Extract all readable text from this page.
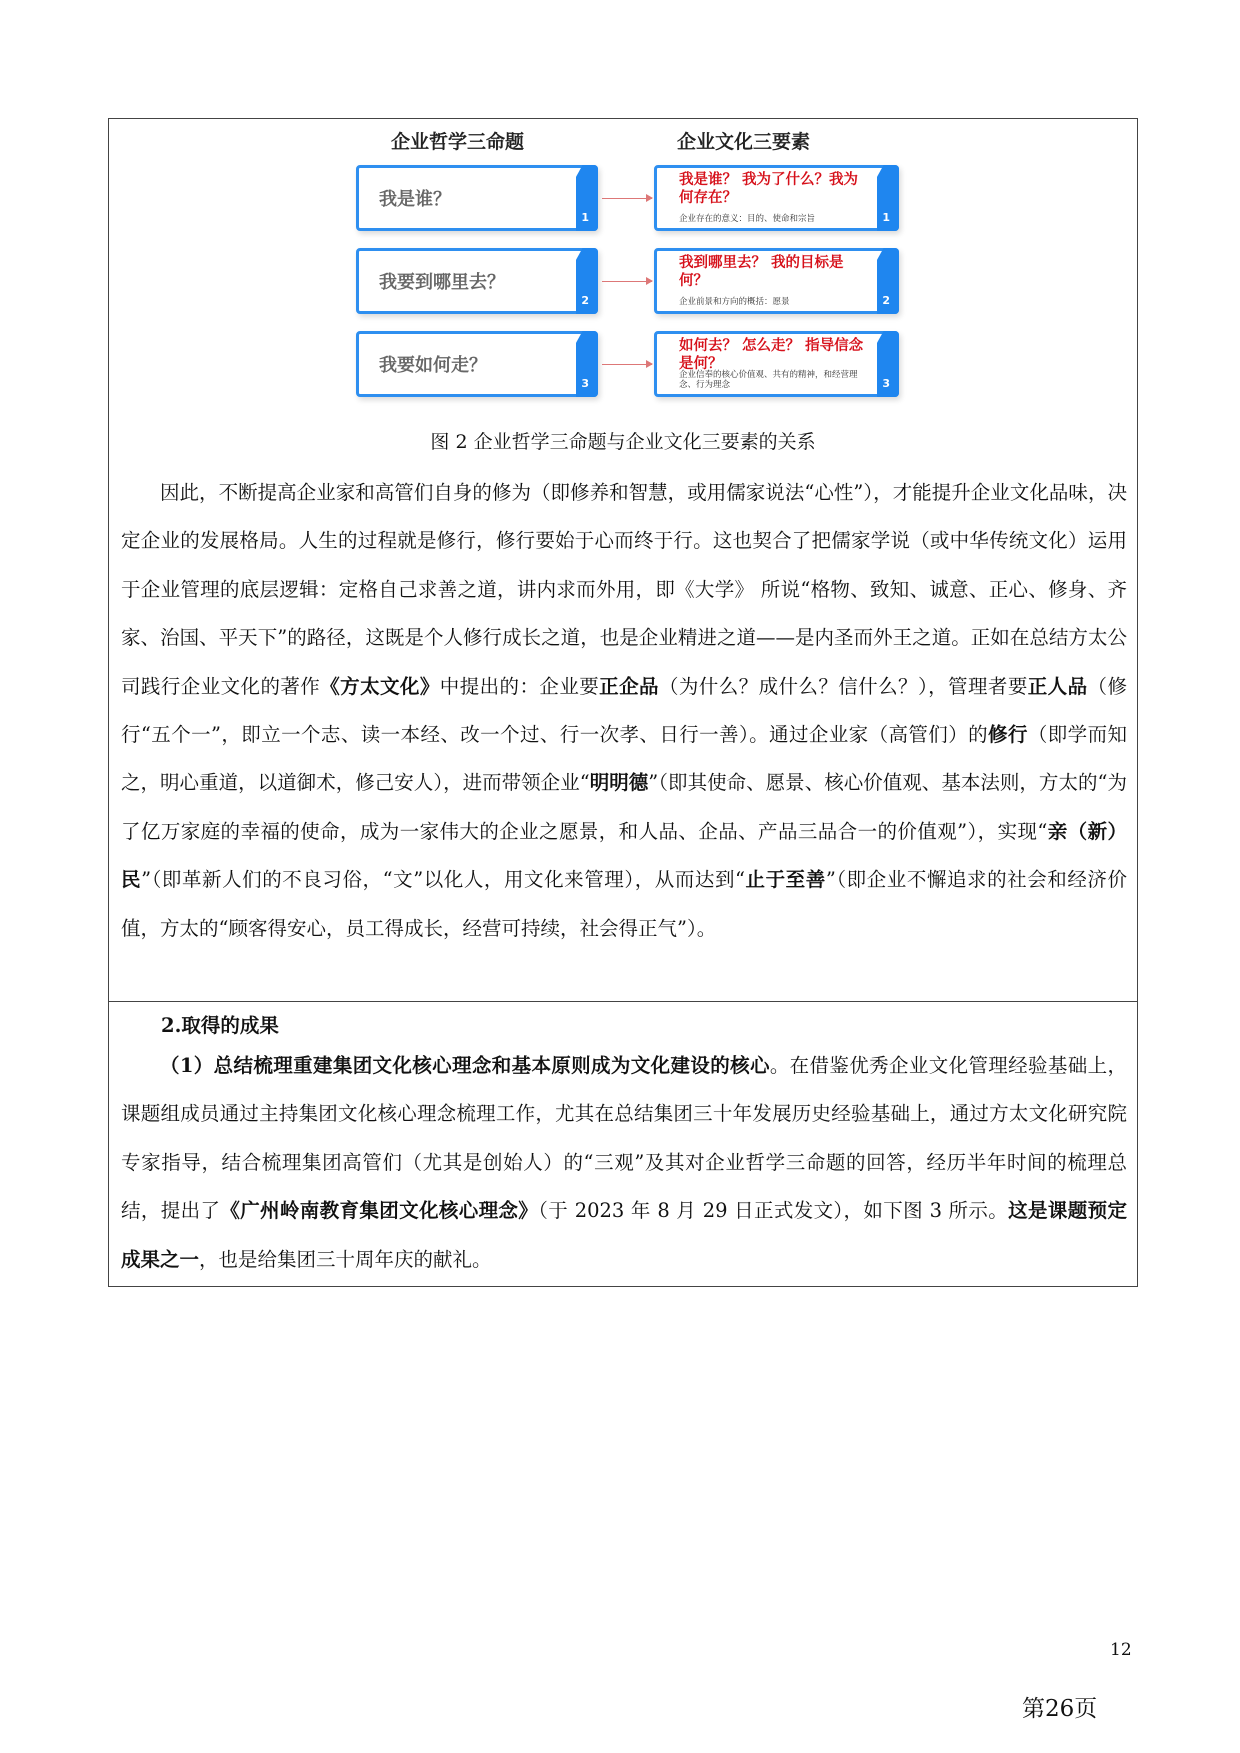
企业哲学三命题	企业文化三要素
我是谁？
1
我要到哪里去？
2
我要如何走？
3
我是谁？ 我为了什么？我为何存在？
企业存在的意义：目的、使命和宗旨	1
我到哪里去？ 我的目标是何？
企业前景和方向的概括：愿景	2
如何去？ 怎么走？ 指导信念是何？
企业信奉的核心价值观、共有的精神，和经营理念、行为理念	3
图 2 企业哲学三命题与企业文化三要素的关系
因此，不断提高企业家和高管们自身的修为（即修养和智慧，或用儒家说法“心性”），才能提升企业文化品味，决定企业的发展格局。人生的过程就是修行，修行要始于心而终于行。这也契合了把儒家学说（或中华传统文化）运用于企业管理的底层逻辑：定格自己求善之道，讲内求而外用，即《大学》 所说“格物、致知、诚意、正心、修身、齐家、治国、平天下”的路径，这既是个人修行成长之道，也是企业精进之道——是内圣而外王之道。正如在总结方太公司践行企业文化的著作《方太文化》中提出的：企业要正企品（为什么？成什么？信什么？），管理者要正人品（修行“五个一”，即立一个志、读一本经、改一个过、行一次孝、日行一善）。通过企业家（高管们）的修行（即学而知之，明心重道，以道御术，修己安人），进而带领企业“明明德”（即其使命、愿景、核心价值观、基本法则，方太的“为了亿万家庭的幸福的使命，成为一家伟大的企业之愿景，和人品、企品、产品三品合一的价值观”），实现“亲（新）民”（即革新人们的不良习俗，“文”以化人，用文化来管理），从而达到“止于至善”（即企业不懈追求的社会和经济价值，方太的“顾客得安心，员工得成长，经营可持续，社会得正气”）。
2.取得的成果
（1）总结梳理重建集团文化核心理念和基本原则成为文化建设的核心。在借鉴优秀企业文化管理经验基础上，课题组成员通过主持集团文化核心理念梳理工作，尤其在总结集团三十年发展历史经验基础上，通过方太文化研究院专家指导，结合梳理集团高管们（尤其是创始人）的“三观”及其对企业哲学三命题的回答，经历半年时间的梳理总结，提出了《广州岭南教育集团文化核心理念》（于 2023 年 8 月 29 日正式发文），如下图 3 所示。这是课题预定成果之一，也是给集团三十周年庆的献礼。
12
第26页
